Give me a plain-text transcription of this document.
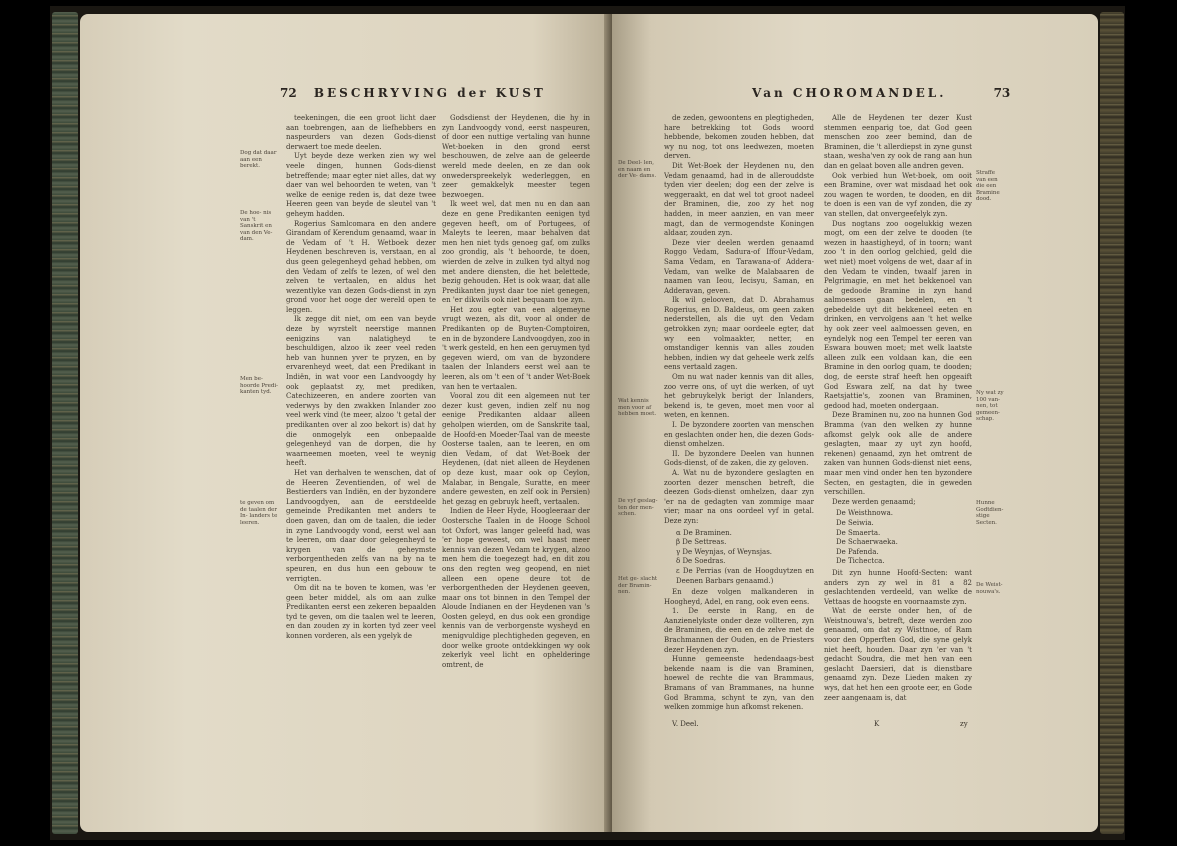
72 BESCHRYVING der KUST

teekeningen, die een groot licht daer aan toebrengen, aan de liefhebbers en naspeurders van dezen Gods-dienst derwaert toe mede deelen.

Uyt beyde deze werken zien wy wel veele dingen, hunnen Gods-dienst betreffende; maar egter niet alles, dat wy daer van wel behoorden te weten, van 't welke de eenige reden is, dat deze twee Heeren geen van beyde de sleutel van 't geheym hadden.

Rogerius Samlcomara en den andere Girandam of Kerendum genaamd, waar in de Vedam of 't H. Wetboek dezer Heydenen beschreven is, verstaan, en al dus geen gelegenheyd gehad hebben, om den Vedam of zelfs te lezen, of wel den zelven te vertaalen, en aldus het wezentlyke van dezen Gods-dienst in zyn grond voor het ooge der wereld open te leggen.

Ik zegge dit niet, om een van beyde deze by wyrstelt neerstige mannen eenigzins van nalatigheyd te beschuldigen, alzoo ik zeer veel reden heb van hunnen yver te pryzen, en by ervarenheyd weet, dat een Predikant in Indiën, in wat voor een Landvoogdy hy ook geplaatst zy, met prediken, Catechizeeren, en andere zoorten van vederwys by den zwakken Inlander zoo veel werk vind (te meer, alzoo 't getal der predikanten over al zoo bekort is) dat hy die onmogelyk een onbepaalde gelegenheyd van de dorpen, die hy waarneemen moeten, veel te weynig heeft.

Het van derhalven te wenschen, dat of de Heeren Zeventienden, of wel de Bestierders van Indiën, en der byzondere Landvoogdyen, aan de eerstdeelde gemeinde Predikanten met anders te doen gaven, dan om de taalen, die ieder in zyne Landvoogdy vond, eerst wel aan te leeren, om daar door gelegenheyd te krygen van de geheymste verborgentheden zelfs van na by na te speuren, en dus hun een gebouw te verrigten.

Om dit na te boven te komen, was 'er geen beter middel, als om aan zulke Predikanten eerst een zekeren bepaalden tyd te geven, om die taalen wel te leeren, en dan zouden zy in korten tyd zeer veel konnen vorderen, als een ygelyk de

Godsdienst der Heydenen, die hy in zyn Landvoogdy vond, eerst naspeuren, of door een nuttige vertaling van hunne Wet-boeken in den grond eerst beschouwen, de zelve aan de geleerde wereld mede deelen, en ze dan ook onwederspreekelyk wederleggen, en zeer gemakkelyk meester tegen bezwoegen.

Ik weet wel, dat men nu en dan aan deze en gene Predikanten eenigen tyd gegeven heeft, om of Portugees, of Maleyts te leeren, maar behalven dat men hen niet tyds genoeg gaf, om zulks zoo grondig, als 't behoorde, te doen, wierden de zelve in zulken tyd altyd nog met andere diensten, die het belettede, bezig gehouden. Het is ook waar, dat alle Predikanten juyst daar toe niet genegen, en 'er dikwils ook niet bequaam toe zyn.

Het zou egter van een algemeyne vrugt wezen, als dit, voor al onder de Predikanten op de Buyten-Comptoiren, en in de byzondere Landvoogdyen, zoo in 't werk gesteld, en hen een geruymen tyd gegeven wierd, om van de byzondere taalen der Inlanders eerst wel aan te leeren, als om 't een of 't ander Wet-Boek van hen te vertaalen.

Vooral zou dit een algemeen nut ter dezer kust geven, indien zelf nu nog eenige Predikanten aldaar alleen geholpen wierden, om de Sanskrite taal, de Hoofd-en Moeder-Taal van de meeste Oosterse taalen, aan te leeren, en om dien Vedam, of dat Wet-Boek der Heydenen, (dat niet alleen de Heydenen op deze kust, maar ook op Ceylon, Malabar, in Bengale, Suratte, en meer andere gewesten, en zelf ook in Persien) het gezag en gebruyk heeft, vertaalen.

Indien de Heer Hyde, Hoogleeraar der Oostersche Taalen in de Hooge School tot Oxfort, was langer geleefd had, was 'er hope geweest, om wel haast meer kennis van dezen Vedam te krygen, alzoo men hem die toegezegt had, en dit zou ons den regten weg geopend, en niet alleen een opene deure tot de verborgentheden der Heydenen geeven, maar ons tot binnen in den Tempel der Aloude Indianen en der Heydenen van 's Oosten geleyd, en dus ook een grondige kennis van de verborgenste wysheyd en menigvuldige plechtigheden gegeven, en door welke groote ontdekkingen wy ook zekerlyk veel licht en ophelderinge omtrent, de

Dog dat daar aan een berekt.
De hoe- nis van 't Sanskrit en van den Ve- dam.
Men be- hoorde Predi- kanten tyd.
te geven om de taalen der In- landers te leeren.
Van CHOROMANDEL.	73

de zeden, gewoontens en plegtigheden, hare betrekking tot Gods woord hebbende, bekomen zouden hebben, dat wy nu nog, tot ons leedwezen, moeten derven.

Dit Wet-Boek der Heydenen nu, den Vedam genaamd, had in de allerouddste tyden vier deelen; dog een der zelve is weggeraakt, en dat wel tot groot nadeel der Braminen, die, zoo zy het nog hadden, in meer aanzien, en van meer magt, dan de vermogendste Koningen aldaar, zouden zyn.

Deze vier deelen werden genaamd Roggo Vedam, Sadura-of Iffour-Vedam, Sama Vedam, en Tarawana-of Addera-Vedam, van welke de Malabaaren de naamen van Ieou, Iecisyu, Saman, en Adderavan, geven.

Ik wil gelooven, dat D. Abrahamus Rogerius, en D. Baldeus, om geen zaken nederstellen, als die uyt den Vedam getrokken zyn; maar oordeele egter, dat wy een volmaakter, netter, en omstandiger kennis van alles zouden hebben, indien wy dat geheele werk zelfs eens vertaald zagen.

Om nu wat nader kennis van dit alles, zoo verre ons, of uyt die werken, of uyt het gebruykelyk berigt der Inlanders, bekend is, te geven, moet men voor al weten, en kennen.

I. De byzondere zoorten van menschen en geslachten onder hen, die dezen Gods-dienst omhelzen.

II. De byzondere Deelen van hunnen Gods-dienst, of de zaken, die zy geloven.

A. Wat nu de byzondere geslagten en zoorten dezer menschen betreft, die deezen Gods-dienst omhelzen, daar zyn 'er na de gedagten van zommige maar vier; maar na ons oordeel vyf in getal. Deze zyn:

α De Braminen.
β De Settreas.
γ De Weynjas, of Weynsjas.
δ De Soedras.
ε De Perrias (van de Hoogduytzen en Deenen Barbars genaamd.)

En deze volgen malkanderen in Hoogheyd, Adel, en rang, ook even eens.

1. De eerste in Rang, en de Aanzienelykste onder deze vollteren, zyn de Braminen, die een en de zelve met de Brachmannen der Ouden, en de Priesters dezer Heydenen zyn.

Hunne gemeenste hedendaags-best bekende naam is die van Braminen, hoewel de rechte die van Brammaus, Bramans of van Brammanes, na hunne God Bramma, schynt te zyn, van den welken zommige hun afkomst rekenen.

V. Deel.

Alle de Heydenen ter dezer Kust stemmen eenparig toe, dat God geen menschen zoo zeer bemind, dan de Braminen, die 't allerdiepst in zyne gunst staan, wesha'ven zy ook de rang aan hun dan en gelaat boven alle andren geven.

Ook verbied hun Wet-boek, om ooit een Bramine, over wat misdaad het ook zou wagen te worden, te dooden, en dit te doen is een van de vyf zonden, die zy van stellen, dat onvergeefelyk zyn.

Dus nogtans zoo oogelukkig wezen mogt, om een der zelve te dooden (te wezen in haastigheyd, of in toorn; want zoo 't in den oorlog gelchied, geld die wet niet) moet volgens de wet, daar af in den Vedam te vinden, twaalf jaren in Pelgrimagie, en met het bekkenoel van de gedoode Bramine in zyn hand aalmoessen gaan bedelen, en 't gebedelde uyt dit bekkeneel eeten en drinken, en vervolgens aan 't het welke hy ook zeer veel aalmoessen geven, en eyndelyk nog een Tempel ter eeren van Eswara bouwen moet; met welk laatste alleen zulk een voldaan kan, die een Bramine in den oorlog quam, te dooden; dog, de eerste straf heeft hen opgeaift God Eswara zelf, na dat hy twee Raetsjattie's, zoonen van Braminen, gedood had, moeten ondergaan.

Deze Braminen nu, zoo na hunnen God Bramma (van den welken zy hunne afkomst gelyk ook alle de andere geslagten, maar zy uyt zyn hoofd, rekenen) genaamd, zyn het omtrent de zaken van hunnen Gods-dienst niet eens, maar men vind onder hen ten byzondere Secten, en gestagten, die in geweden verschillen.

Deze werden genaamd;

De Weisthnowa.
De Seiwia.
De Smaerta.
De Schaerwaeka.
De Pafenda.
De Tichectca.

Dit zyn hunne Hoofd-Secten: want anders zyn zy wel in 81 a 82 geslachtenden verdeeld, van welke de Vettaas de hoogste en voornaamste zyn.

Wat de eerste onder hen, of de Weistnouwa's, betreft, deze werden zoo genaamd, om dat zy Wisttnoe, of Ram voor den Opperften God, die syne gelyk niet heeft, houden. Daar zyn 'er van 't gedacht Soudra, die met hen van een geslacht Daersieri, dat is dienstbare genaamd zyn. Deze Lieden maken zy wys, dat het hen een groote eer, en Gode zeer aangenaam is, dat

K	zy
De Deel- len, en naam en der Ve- dams.
Wat kennis men voor af hebben moet.
De vyf geslag- ten der men- schen.
Het ge- slacht der Bramin- nen.
Straffe van een die een Bramine dood.
Hunne Godtdien- stige Secten.
Ny wat zy 100 van- nen, tot gemeen- schap.
De Weist- nouwa's.
